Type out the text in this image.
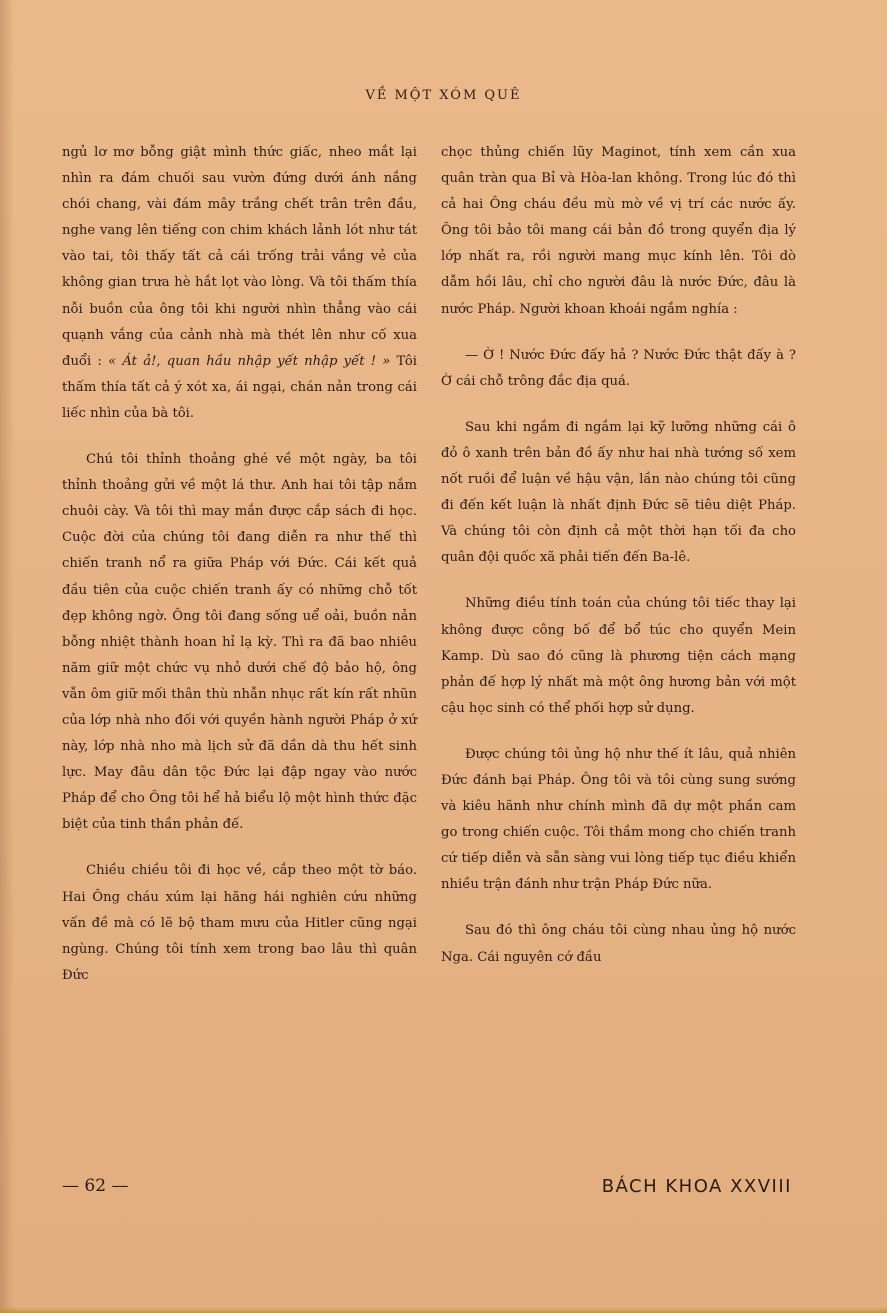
VỀ MỘT XÓM QUÊ

ngủ lơ mơ bỗng giật mình thức giấc, nheo mắt lại nhìn ra đám chuối sau vườn đứng dưới ánh nắng chói chang, vài đám mây trắng chết trân trên đầu, nghe vang lên tiếng con chim khách lảnh lót như tát vào tai, tôi thấy tất cả cái trống trải vắng vẻ của không gian trưa hè hắt lọt vào lòng. Và tôi thấm thía nỗi buồn của ông tôi khi người nhìn thẳng vào cái quạnh vắng của cảnh nhà mà thét lên như cố xua đuổi : « Át ả!, quan hầu nhập yết nhập yết ! » Tôi thấm thía tất cả ý xót xa, ái ngại, chán nản trong cái liếc nhìn của bà tôi.

Chú tôi thỉnh thoảng ghé về một ngày, ba tôi thỉnh thoảng gửi về một lá thư. Anh hai tôi tập nắm chuôi cày. Và tôi thì may mắn được cắp sách đi học. Cuộc đời của chúng tôi đang diễn ra như thế thì chiến tranh nổ ra giữa Pháp với Đức. Cái kết quả đầu tiên của cuộc chiến tranh ấy có những chỗ tốt đẹp không ngờ. Ông tôi đang sống uể oải, buồn nản bỗng nhiệt thành hoan hỉ lạ kỳ. Thì ra đã bao nhiêu năm giữ một chức vụ nhỏ dưới chế độ bảo hộ, ông vẫn ôm giữ mối thân thù nhẫn nhục rất kín rất nhũn của lớp nhà nho đối với quyền hành người Pháp ở xứ này, lớp nhà nho mà lịch sử đã dần dà thu hết sinh lực. May đâu dân tộc Đức lại đập ngay vào nước Pháp để cho Ông tôi hể hả biểu lộ một hình thức đặc biệt của tinh thần phản đế.

Chiều chiều tôi đi học về, cắp theo một tờ báo. Hai Ông cháu xúm lại hăng hái nghiên cứu những vấn đề mà có lẽ bộ tham mưu của Hitler cũng ngại ngùng. Chúng tôi tính xem trong bao lâu thì quân Đức

chọc thủng chiến lũy Maginot, tính xem cần xua quân tràn qua Bỉ và Hòa-lan không. Trong lúc đó thì cả hai Ông cháu đều mù mờ về vị trí các nước ấy. Ông tôi bảo tôi mang cái bản đồ trong quyển địa lý lớp nhất ra, rồi người mang mục kính lên. Tôi dò dẫm hồi lâu, chỉ cho người đâu là nước Đức, đâu là nước Pháp. Người khoan khoái ngắm nghía :

— Ờ ! Nước Đức đấy hả ? Nước Đức thật đấy à ? Ờ cái chỗ trông đắc địa quá.

Sau khi ngắm đi ngắm lại kỹ lưỡng những cái ô đỏ ô xanh trên bản đồ ấy như hai nhà tướng số xem nốt ruồi để luận về hậu vận, lần nào chúng tôi cũng đi đến kết luận là nhất định Đức sẽ tiêu diệt Pháp. Và chúng tôi còn định cả một thời hạn tối đa cho quân đội quốc xã phải tiến đến Ba-lê.

Những điều tính toán của chúng tôi tiếc thay lại không được công bố để bổ túc cho quyển Mein Kamp. Dù sao đó cũng là phương tiện cách mạng phản đế hợp lý nhất mà một ông hương bản với một cậu học sinh có thể phối hợp sử dụng.

Được chúng tôi ủng hộ như thế ít lâu, quả nhiên Đức đánh bại Pháp. Ông tôi và tôi cùng sung sướng và kiêu hãnh như chính mình đã dự một phần cam go trong chiến cuộc. Tôi thầm mong cho chiến tranh cứ tiếp diễn và sẵn sàng vui lòng tiếp tục điều khiển nhiều trận đánh như trận Pháp Đức nữa.

Sau đó thì ông cháu tôi cùng nhau ủng hộ nước Nga. Cái nguyên cớ đầu

— 62 —	BÁCH KHOA XXVIII
